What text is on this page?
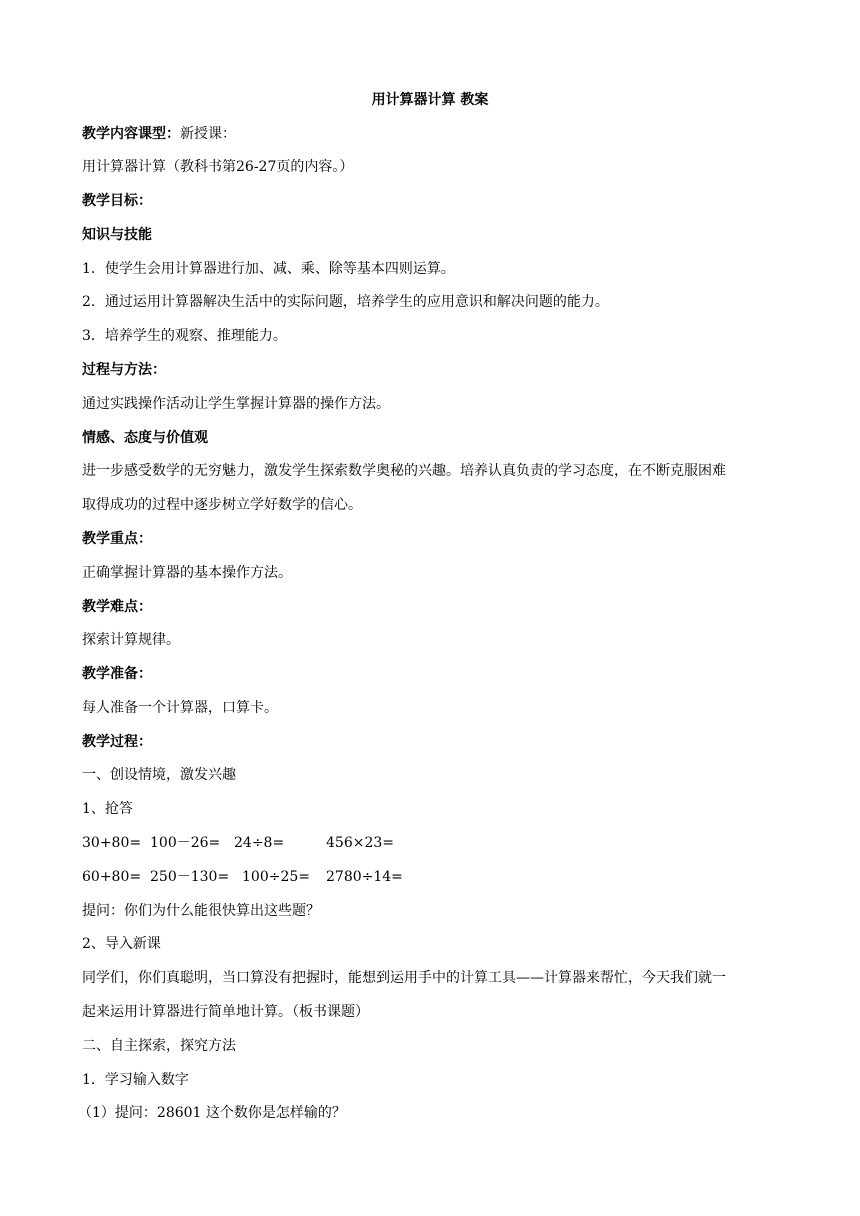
用计算器计算 教案
教学内容课型：新授课：
用计算器计算（教科书第26-27页的内容。）
教学目标：
知识与技能
1．使学生会用计算器进行加、减、乘、除等基本四则运算。
2．通过运用计算器解决生活中的实际问题，培养学生的应用意识和解决问题的能力。
3．培养学生的观察、推理能力。
过程与方法：
通过实践操作活动让学生掌握计算器的操作方法。
情感、态度与价值观
进一步感受数学的无穷魅力，激发学生探索数学奥秘的兴趣。培养认真负责的学习态度，在不断克服困难
取得成功的过程中逐步树立学好数学的信心。
教学重点：
正确掌握计算器的基本操作方法。
教学难点：
探索计算规律。
教学准备：
每人准备一个计算器，口算卡。
教学过程：
一、创设情境，激发兴趣
1、抢答
30+80= 100－26= 24÷8=	456×23=
60+80= 250－130= 100÷25= 2780÷14=
提问：你们为什么能很快算出这些题？
2、导入新课
同学们，你们真聪明，当口算没有把握时，能想到运用手中的计算工具——计算器来帮忙，今天我们就一
起来运用计算器进行简单地计算。（板书课题）
二、自主探索，探究方法
1．学习输入数字
（1）提问：28601 这个数你是怎样输的？
